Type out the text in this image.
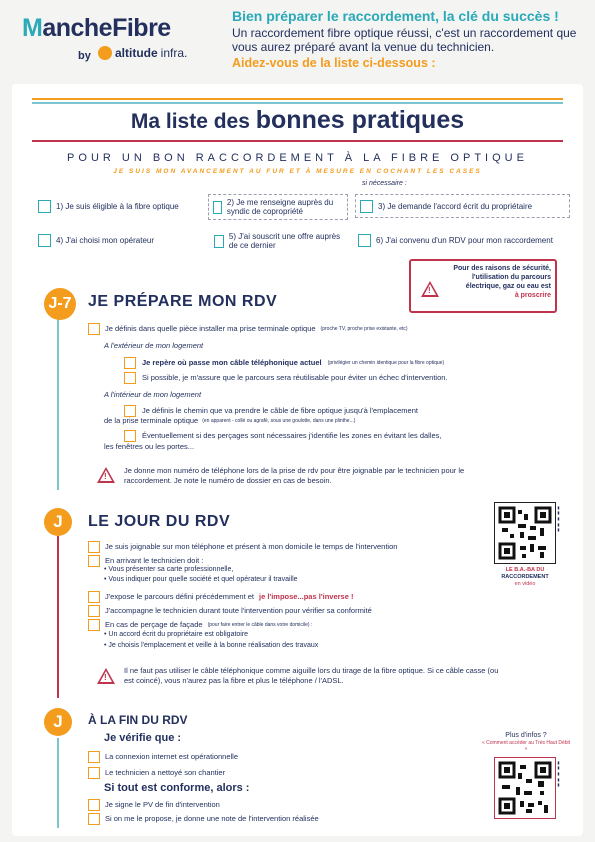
MancheFibre
by altitude infra.
Bien préparer le raccordement, la clé du succès !
Un raccordement fibre optique réussi, c'est un raccordement que vous aurez préparé avant la venue du technicien.
Aidez-vous de la liste ci-dessous :
Ma liste des bonnes pratiques
POUR UN BON RACCORDEMENT À LA FIBRE OPTIQUE
JE SUIS MON AVANCEMENT AU FUR ET À MESURE EN COCHANT LES CASES
si nécessaire :
1) Je suis éligible à la fibre optique	2) Je me renseigne auprès du syndic de copropriété
3) Je demande l'accord écrit du propriétaire
4) J'ai choisi mon opérateur	5) J'ai souscrit une offre auprès de ce dernier
6) J'ai convenu d'un RDV pour mon raccordement
!
Pour des raisons de sécurité,
l'utilisation du parcours
électrique, gaz ou eau est
à proscrire
J-7 JE PRÉPARE MON RDV
Je définis dans quelle pièce installer ma prise terminale optique (proche TV, proche prise existante, etc)
A l'extérieur de mon logement
Je repère où passe mon câble téléphonique actuel (privilégier un chemin identique pour la fibre optique)
Si possible, je m'assure que le parcours sera réutilisable pour éviter un échec d'intervention.
A l'intérieur de mon logement
Je définis le chemin que va prendre le câble de fibre optique jusqu'à l'emplacement
de la prise terminale optique (en apparent - collé ou agrafé, sous une goulotte, dans une plinthe...)
Éventuellement si des perçages sont nécessaires j'identifie les zones en évitant les dalles,
les fenêtres ou les portes...
!
Je donne mon numéro de téléphone lors de la prise de rdv pour être joignable par le technicien pour le raccordement. Je note le numéro de dossier en cas de besoin.
J	LE JOUR DU RDV
Je suis joignable sur mon téléphone et présent à mon domicile le temps de l'intervention
En arrivant le technicien doit :
• Vous présenter sa carte professionnelle,
• Vous indiquer pour quelle société et quel opérateur il travaille
J'expose le parcours défini précédemment et je l'impose...pas l'inverse !
J'accompagne le technicien durant toute l'intervention pour vérifier sa conformité
En cas de perçage de façade (pour faire entrer le câble dans votre domicile) :
• Un accord écrit du propriétaire est obligatoire
• Je choisis l'emplacement et veille à la bonne réalisation des travaux
!
Il ne faut pas utiliser le câble téléphonique comme aiguille lors du tirage de la fibre optique. Si ce câble casse (ou est coincé), vous n'aurez pas la fibre et plus le téléphone / l'ADSL.
▮▮ ▮ ▮▮
LE B.A.-BA DU
RACCORDEMENT
en vidéo
J	À LA FIN DU RDV
Je vérifie que :
La connexion internet est opérationnelle
Le technicien a nettoyé son chantier
Si tout est conforme, alors :
Je signe le PV de fin d'intervention
Si on me le propose, je donne une note de l'intervention réalisée
Plus d'infos ?
« Comment accéder au Très Haut Débit »
▮▮ ▮ ▮▮
